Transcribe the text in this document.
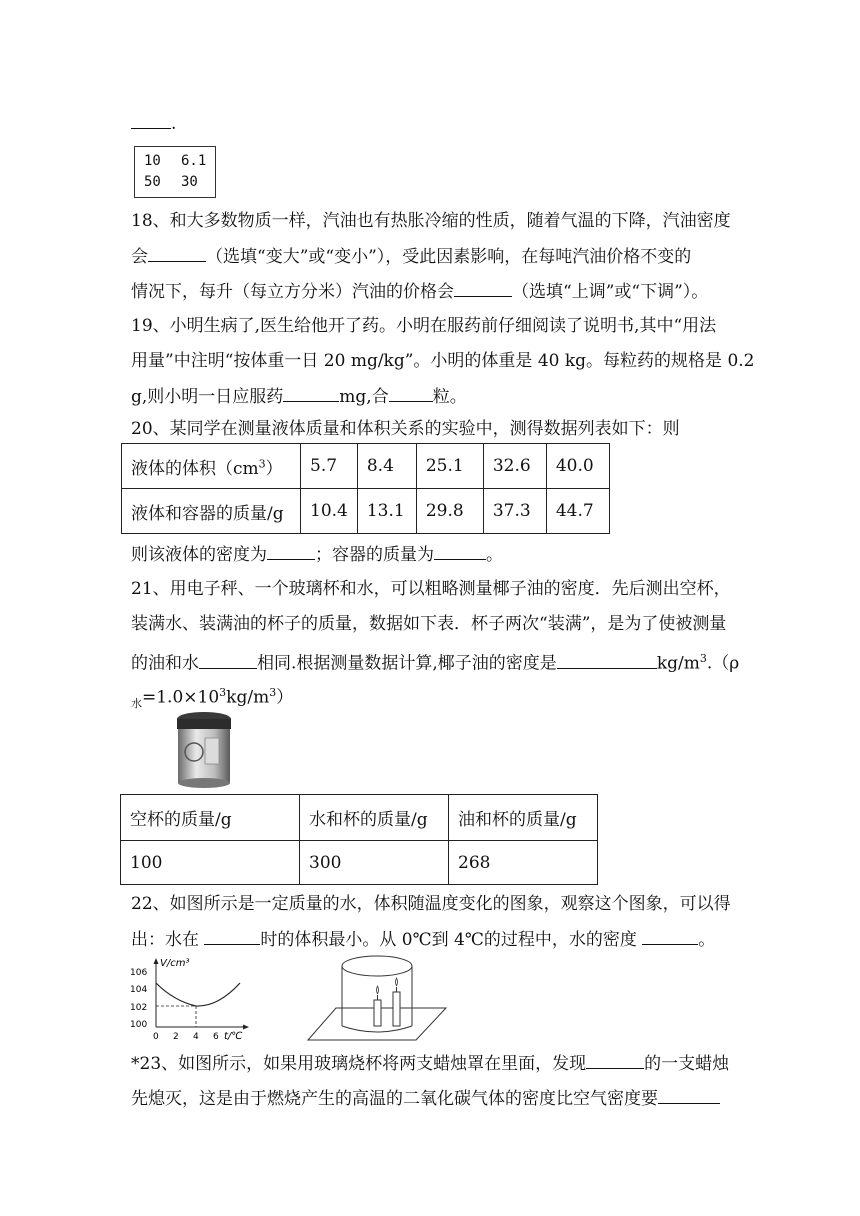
.
10 6.1
50 30
18、和大多数物质一样，汽油也有热胀冷缩的性质，随着气温的下降，汽油密度
会	（选填“变大”或“变小”），受此因素影响，在每吨汽油价格不变的
情况下，每升（每立方分米）汽油的价格会	（选填“上调”或“下调”）。
19、小明生病了,医生给他开了药。小明在服药前仔细阅读了说明书,其中“用法
用量”中注明“按体重一日 20 mg/kg”。小明的体重是 40 kg。每粒药的规格是 0.2
g,则小明一日应服药	mg,合	粒。
20、某同学在测量液体质量和体积关系的实验中，测得数据列表如下：则
液体的体积$(cm^3)$	5.7	8.4	25.1	32.6	40.0
液体和容器的质量/g	10.4	13.1	29.8	37.3	44.7
则该液体的密度为	；容器的质量为	。
21、用电子秤、一个玻璃杯和水，可以粗略测量椰子油的密度．先后测出空杯，
装满水、装满油的杯子的质量，数据如下表．杯子两次“装满”，是为了使被测量
的油和水	相同.根据测量数据计算,椰子油的密度是	$kg/m^3.(\rho$
$_水=1.0\times 10^3kg/m^3$）
空杯的质量/g	水和杯的质量/g	油和杯的质量/g
100	300	268
22、如图所示是一定质量的水，体积随温度变化的图象，观察这个图象，可以得
出：水在	时的体积最小。从 0℃到 4℃的过程中，水的密度	。
V/cm³
106
104
102
100
0 2 4 6 t/℃
*23、如图所示，如果用玻璃烧杯将两支蜡烛罩在里面，发现	的一支蜡烛
先熄灭，这是由于燃烧产生的高温的二氧化碳气体的密度比空气密度要
